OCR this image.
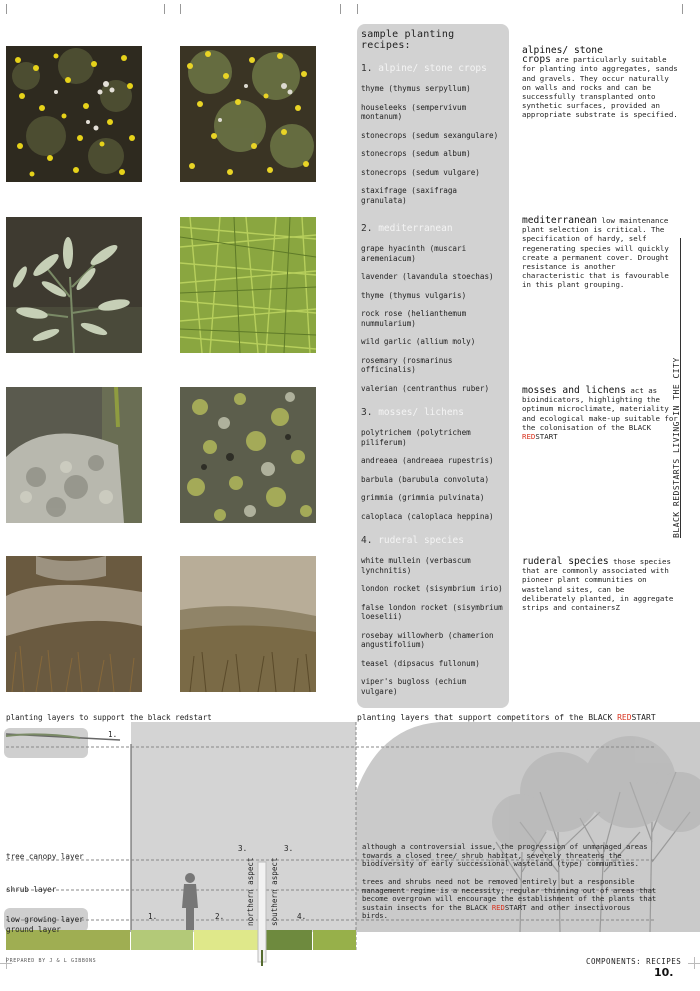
sample planting recipes:
1. alpine/ stone crops
thyme (thymus serpyllum)
houseleeks (sempervivum montanum)
stonecrops (sedum sexangulare)
stonecrops (sedum album)
stonecrops (sedum vulgare)
staxifrage (saxifraga granulata)
2. mediterranean
grape hyacinth (muscari aremeniacum)
lavender (lavandula stoechas)
thyme (thymus vulgaris)
rock rose (helianthemum nummularium)
wild garlic (allium moly)
rosemary (rosmarinus officinalis)
valerian (centranthus ruber)
3. mosses/ lichens
polytrichem (polytrichem piliferum)
andreaea (andreaea rupestris)
barbula (barubula convoluta)
grimmia (grimmia pulvinata)
caloplaca (caloplaca heppina)
4. ruderal species
white mullein (verbascum lynchnitis)
london rocket (sisymbrium irio)
false london rocket (sisymbrium loeselii)
rosebay willowherb (chamerion angustifolium)
teasel (dipsacus fullonum)
viper's bugloss (echium vulgare)
alpines/ stone
crops are particularly suitable for planting into aggregates, sands and gravels. They occur naturally on walls and rocks and can be successfully transplanted onto synthetic surfaces, provided an appropriate substrate is specified.
mediterranean low maintenance plant selection is critical. The specification of hardy, self regenerating species will quickly create a permanent cover. Drought resistance is another characteristic that is favourable in this plant grouping.
mosses and lichens act as bioindicators, highlighting the optimum microclimate, materiality and ecological make-up suitable for the colonisation of the BLACK REDSTART
ruderal species those species that are commonly associated with pioneer plant communities on wasteland sites, can be deliberately planted, in aggregate strips and containersZ
BLACK REDSTARTS LIVING IN THE CITY
planting layers to support the black redstart	planting layers that support competitors of the BLACK REDSTART
1.
tree canopy layer
shrub layer
low growing layer
ground layer
1.	2.
3.	3.
4.
northern aspect southern aspect
although a controversial issue, the progression of unmanaged areas towards a closed tree/ shrub habitat, severely threatens the biodiversity of early successional wasteland (type) communities.
trees and shrubs need not be removed entirely but a responsible management regime is a necessity, regular thinning out of areas that become overgrown will encourage the establishment of the plants that sustain insects for the BLACK REDSTART and other insectivorous birds.
PREPARED BY J & L GIBBONS	COMPONENTS: RECIPES
10.
